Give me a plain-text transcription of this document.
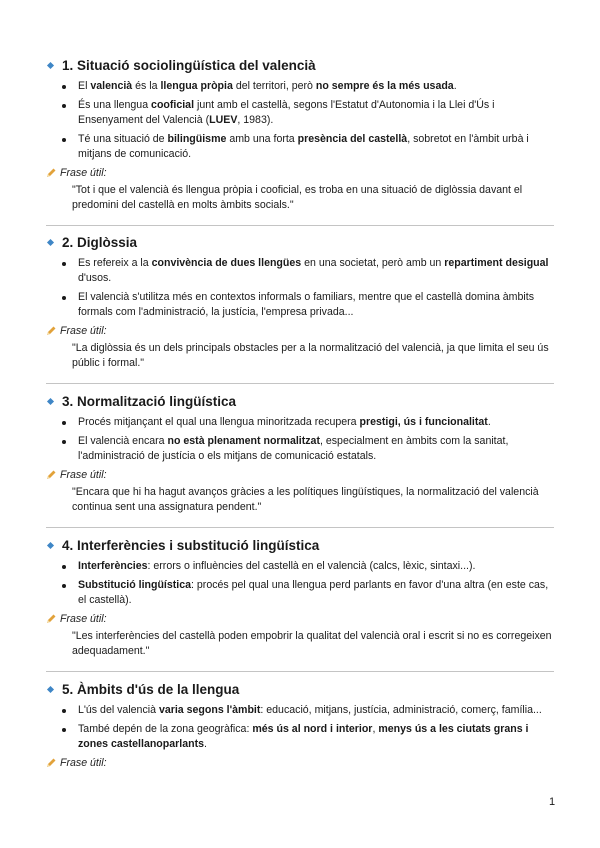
1. Situació sociolingüística del valencià
El valencià és la llengua pròpia del territori, però no sempre és la més usada.
És una llengua cooficial junt amb el castellà, segons l'Estatut d'Autonomia i la Llei d'Ús i Ensenyament del Valencià (LUEV, 1983).
Té una situació de bilingüisme amb una forta presència del castellà, sobretot en l'àmbit urbà i mitjans de comunicació.
Frase útil:
"Tot i que el valencià és llengua pròpia i cooficial, es troba en una situació de diglòssia davant el predomini del castellà en molts àmbits socials."
2. Diglòssia
Es refereix a la convivència de dues llengües en una societat, però amb un repartiment desigual d'usos.
El valencià s'utilitza més en contextos informals o familiars, mentre que el castellà domina àmbits formals com l'administració, la justícia, l'empresa privada...
Frase útil:
"La diglòssia és un dels principals obstacles per a la normalització del valencià, ja que limita el seu ús públic i formal."
3. Normalització lingüística
Procés mitjançant el qual una llengua minoritzada recupera prestigi, ús i funcionalitat.
El valencià encara no està plenament normalitzat, especialment en àmbits com la sanitat, l'administració de justícia o els mitjans de comunicació estatals.
Frase útil:
"Encara que hi ha hagut avanços gràcies a les polítiques lingüístiques, la normalització del valencià continua sent una assignatura pendent."
4. Interferències i substitució lingüística
Interferències: errors o influències del castellà en el valencià (calcs, lèxic, sintaxi...).
Substitució lingüística: procés pel qual una llengua perd parlants en favor d'una altra (en este cas, el castellà).
Frase útil:
"Les interferències del castellà poden empobrir la qualitat del valencià oral i escrit si no es corregeixen adequadament."
5. Àmbits d'ús de la llengua
L'ús del valencià varia segons l'àmbit: educació, mitjans, justícia, administració, comerç, família...
També depén de la zona geogràfica: més ús al nord i interior, menys ús a les ciutats grans i zones castellanoparlants.
Frase útil:
1
